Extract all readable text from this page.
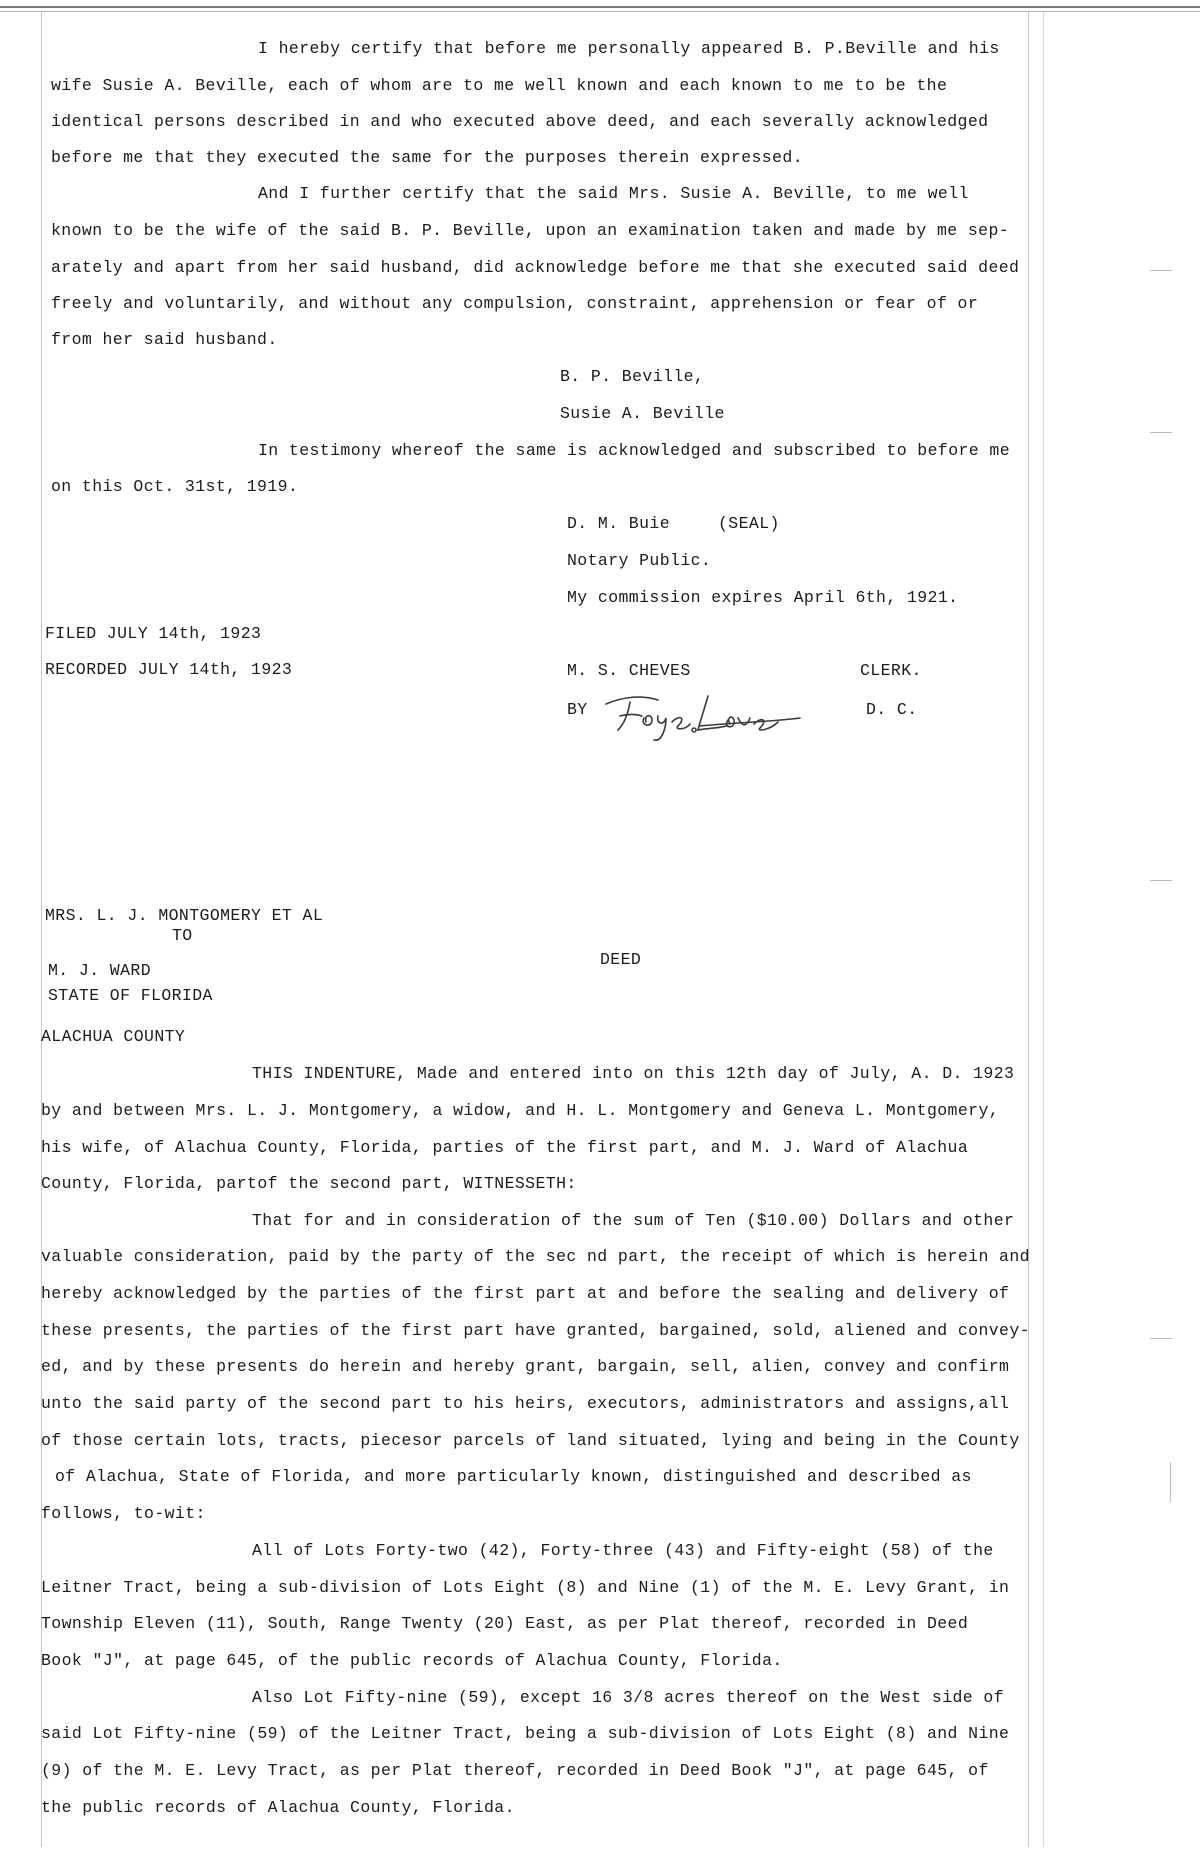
I hereby certify that before me personally appeared B. P.Beville and his
wife Susie A. Beville, each of whom are to me well known and each known to me to be the
identical persons described in and who executed above deed, and each severally acknowledged
before me that they executed the same for the purposes therein expressed.
And I further certify that the said Mrs. Susie A. Beville, to me well
known to be the wife of the said B. P. Beville, upon an examination taken and made by me sep-
arately and apart from her said husband, did acknowledge before me that she executed said deed
freely and voluntarily, and without any compulsion, constraint, apprehension or fear of or
from her said husband.
B. P. Beville,
Susie A. Beville
In testimony whereof the same is acknowledged and subscribed to before me
on this Oct. 31st, 1919.
D. M. Buie	(SEAL)
Notary Public.
My commission expires April 6th, 1921.
FILED JULY 14th, 1923
RECORDED JULY 14th, 1923	M. S. CHEVES	CLERK.
BY	D. C.
MRS. L. J. MONTGOMERY ET AL
TO
M. J. WARD
DEED
STATE OF FLORIDA
ALACHUA COUNTY
THIS INDENTURE, Made and entered into on this 12th day of July, A. D. 1923
by and between Mrs. L. J. Montgomery, a widow, and H. L. Montgomery and Geneva L. Montgomery,
his wife, of Alachua County, Florida, parties of the first part, and M. J. Ward of Alachua
County, Florida, partof the second part, WITNESSETH:
That for and in consideration of the sum of Ten ($10.00) Dollars and other
valuable consideration, paid by the party of the sec nd part, the receipt of which is herein and
hereby acknowledged by the parties of the first part at and before the sealing and delivery of
these presents, the parties of the first part have granted, bargained, sold, aliened and convey-
ed, and by these presents do herein and hereby grant, bargain, sell, alien, convey and confirm
unto the said party of the second part to his heirs, executors, administrators and assigns,all
of those certain lots, tracts, piecesor parcels of land situated, lying and being in the County
of Alachua, State of Florida, and more particularly known, distinguished and described as
follows, to-wit:
All of Lots Forty-two (42), Forty-three (43) and Fifty-eight (58) of the
Leitner Tract, being a sub-division of Lots Eight (8) and Nine (1) of the M. E. Levy Grant, in
Township Eleven (11), South, Range Twenty (20) East, as per Plat thereof, recorded in Deed
Book "J", at page 645, of the public records of Alachua County, Florida.
Also Lot Fifty-nine (59), except 16 3/8 acres thereof on the West side of
said Lot Fifty-nine (59) of the Leitner Tract, being a sub-division of Lots Eight (8) and Nine
(9) of the M. E. Levy Tract, as per Plat thereof, recorded in Deed Book "J", at page 645, of
the public records of Alachua County, Florida.
